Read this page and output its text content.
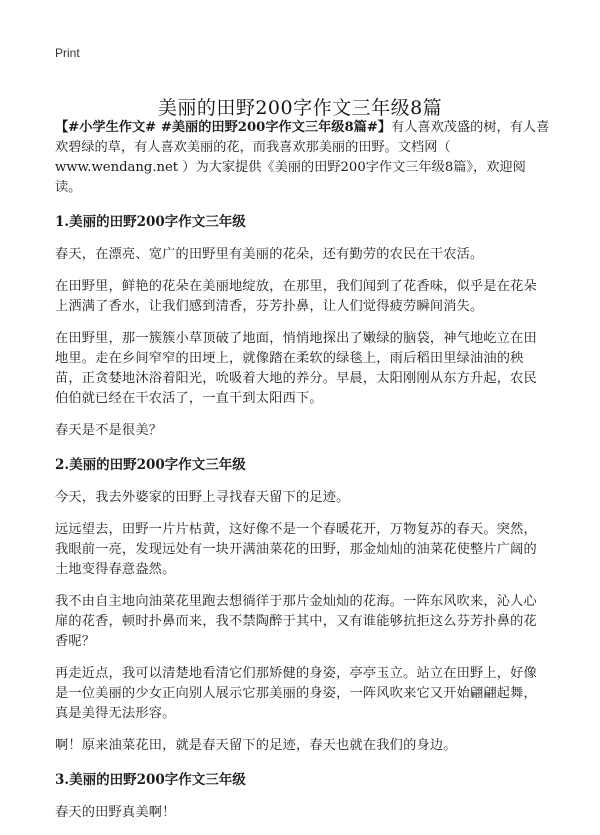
Print
美丽的田野200字作文三年级8篇

【#小学生作文# #美丽的田野200字作文三年级8篇#】有人喜欢茂盛的树，有人喜欢碧绿的草，有人喜欢美丽的花，而我喜欢那美丽的田野。文档网（ www.wendang.net ）为大家提供《美丽的田野200字作文三年级8篇》，欢迎阅读。

1.美丽的田野200字作文三年级

春天，在漂亮、宽广的田野里有美丽的花朵，还有勤劳的农民在干农活。

在田野里，鲜艳的花朵在美丽地绽放，在那里，我们闻到了花香味，似乎是在花朵上洒满了香水，让我们感到清香，芬芳扑鼻，让人们觉得疲劳瞬间消失。

在田野里，那一簇簇小草顶破了地面，悄悄地探出了嫩绿的脑袋，神气地屹立在田地里。走在乡间窄窄的田埂上，就像踏在柔软的绿毯上，雨后稻田里绿油油的秧苗，正贪婪地沐浴着阳光，吮吸着大地的养分。早晨，太阳刚刚从东方升起，农民伯伯就已经在干农活了，一直干到太阳西下。

春天是不是很美？

2.美丽的田野200字作文三年级

今天，我去外婆家的田野上寻找春天留下的足迹。

远远望去，田野一片片枯黄，这好像不是一个春暖花开，万物复苏的春天。突然，我眼前一亮，发现远处有一块开满油菜花的田野，那金灿灿的油菜花使整片广阔的土地变得春意盎然。

我不由自主地向油菜花里跑去想徜徉于那片金灿灿的花海。一阵东风吹来，沁人心扉的花香，顿时扑鼻而来，我不禁陶醉于其中，又有谁能够抗拒这么芬芳扑鼻的花香呢？

再走近点，我可以清楚地看清它们那矫健的身姿，亭亭玉立。站立在田野上，好像是一位美丽的少女正向别人展示它那美丽的身姿，一阵风吹来它又开始翩翩起舞，真是美得无法形容。

啊！原来油菜花田，就是春天留下的足迹，春天也就在我们的身边。

3.美丽的田野200字作文三年级

春天的田野真美啊！
